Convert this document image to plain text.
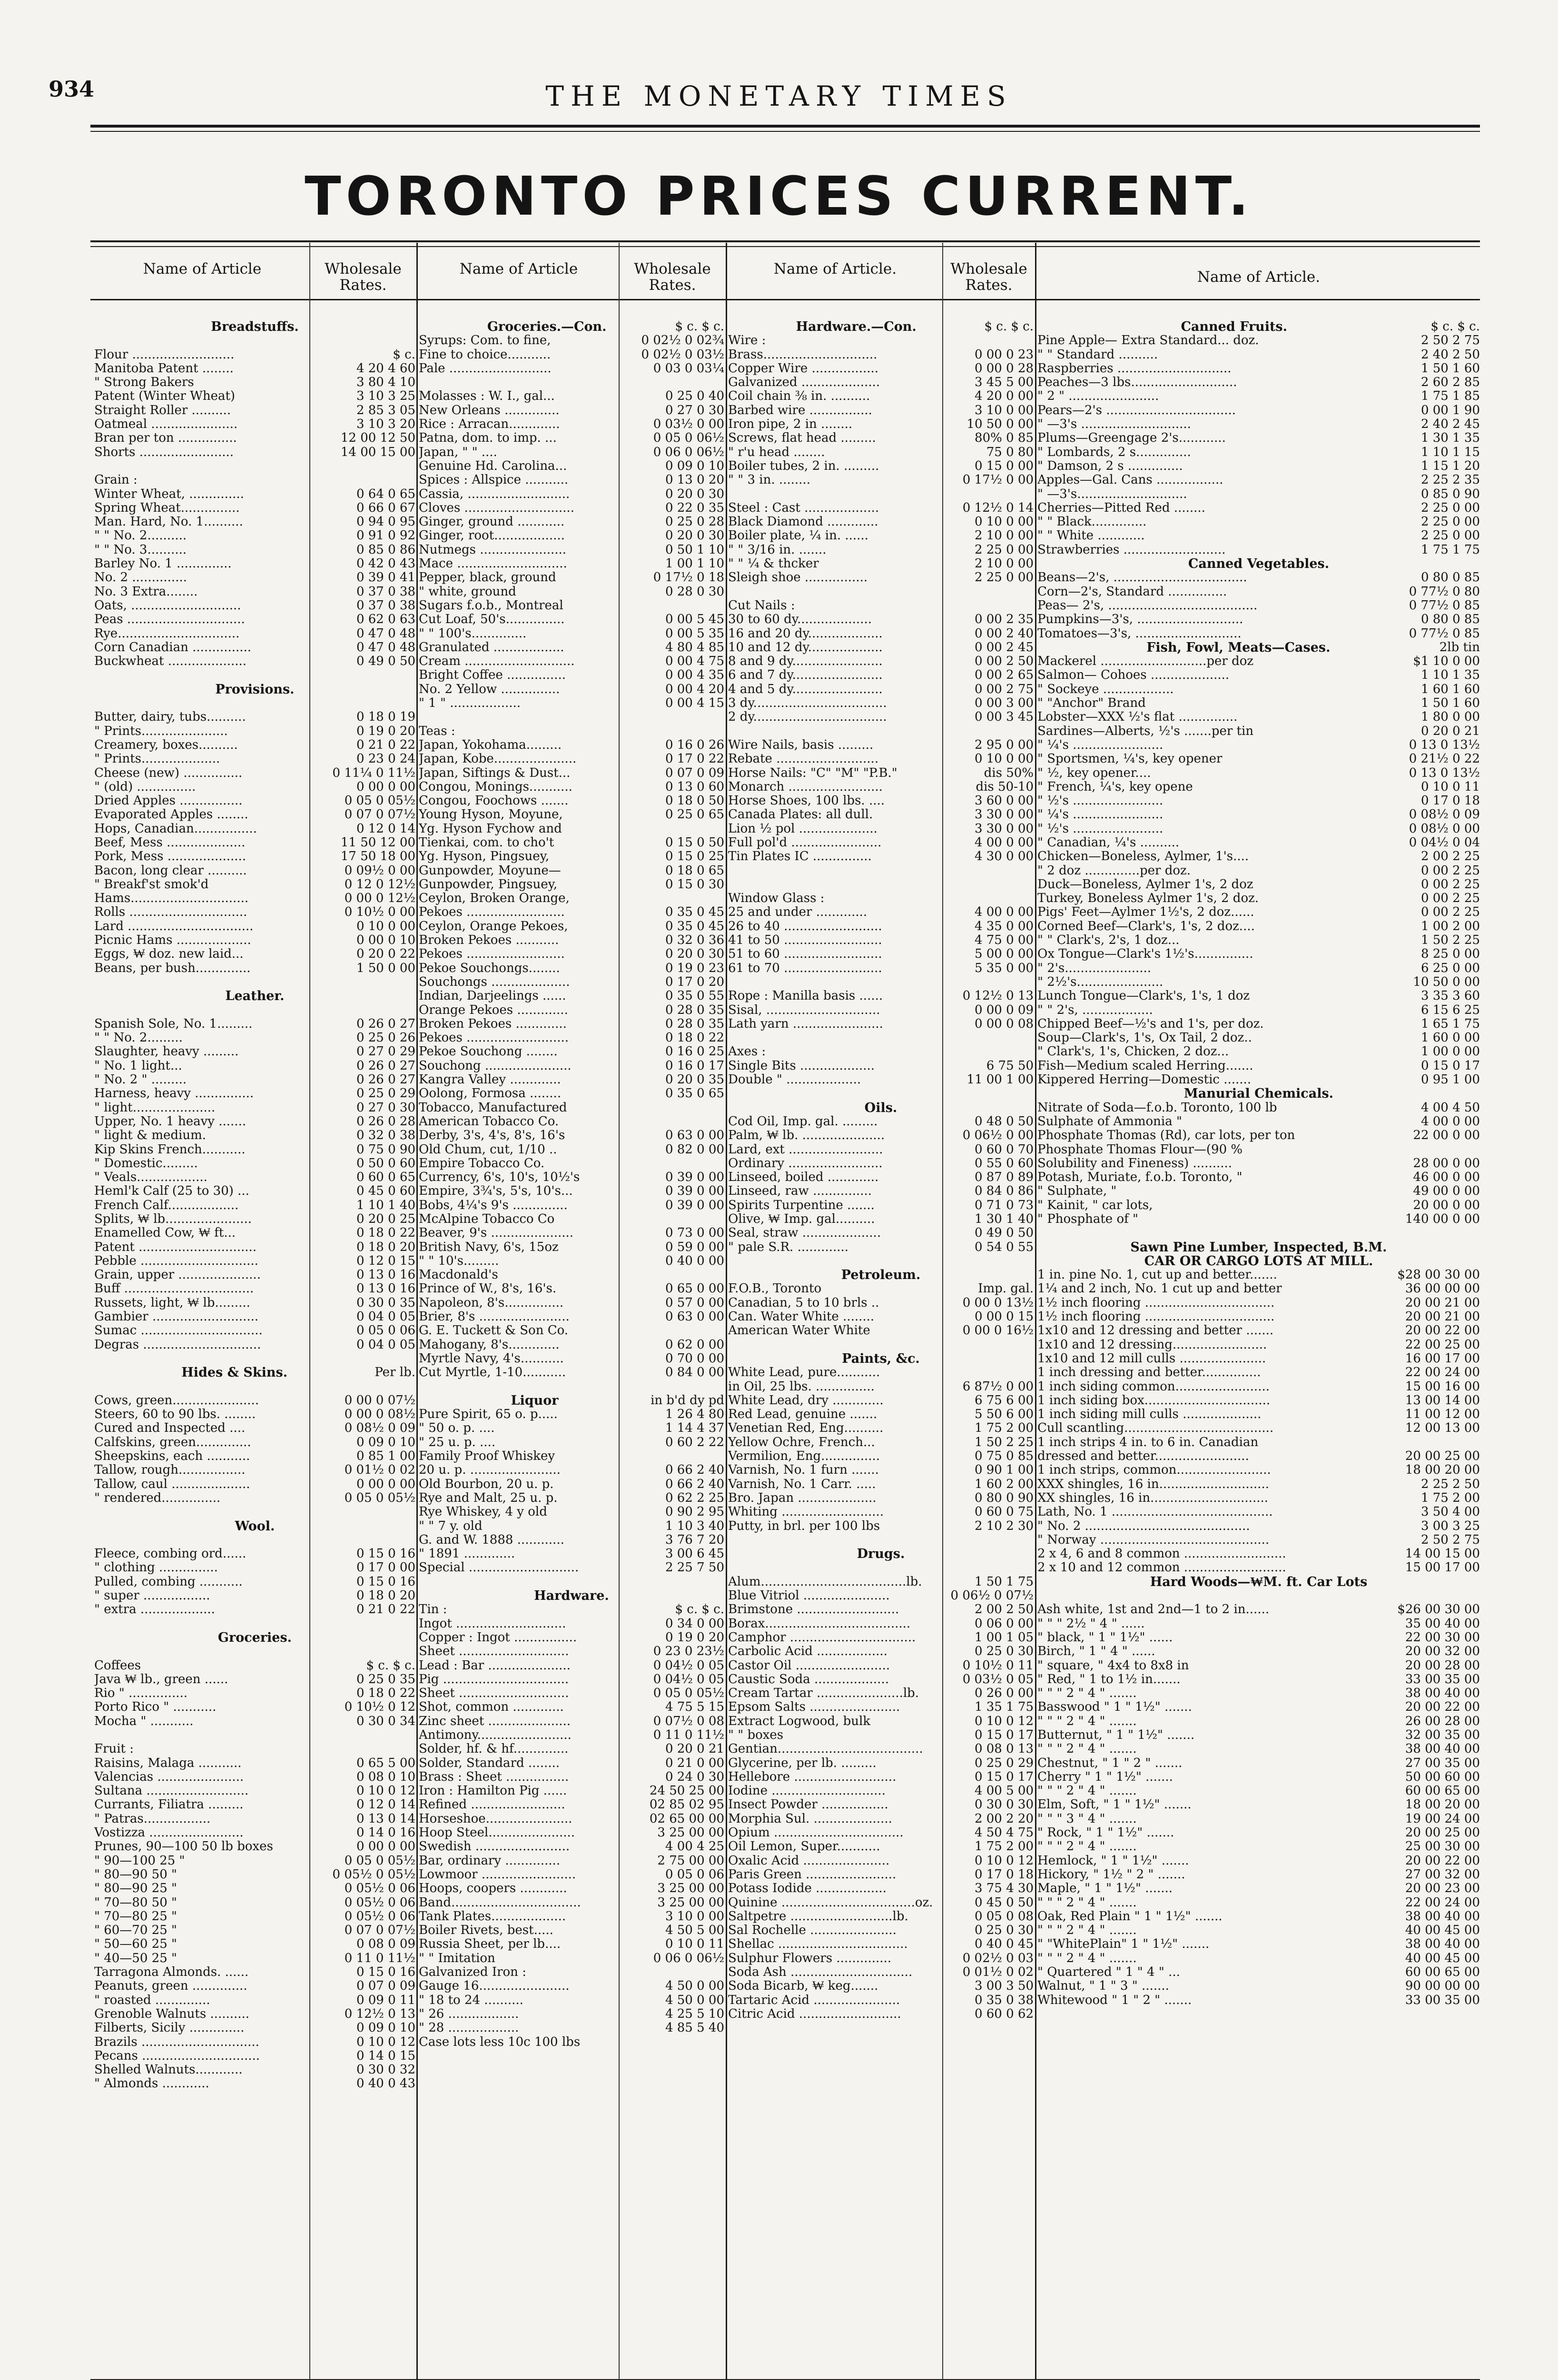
934	THE MONETARY TIMES
TORONTO PRICES CURRENT.
Name of Article	Wholesale Rates.
Name of Article	Wholesale Rates.
Name of Article.	Wholesale Rates.	Name of Article.
Breadstuffs.
Flour ..........................	$ c.
Manitoba Patent ........	4 20 4 60
" Strong Bakers	3 80 4 10
Patent (Winter Wheat)	3 10 3 25
Straight Roller ..........	2 85 3 05
Oatmeal ......................	3 10 3 20
Bran per ton ...............	12 00 12 50
Shorts ........................	14 00 15 00
Grain :
Winter Wheat, ..............	0 64 0 65
Spring Wheat...............	0 66 0 67
Man. Hard, No. 1..........	0 94 0 95
" " No. 2..........	0 91 0 92
" " No. 3..........	0 85 0 86
Barley No. 1 ..............	0 42 0 43
No. 2 ..............	0 39 0 41
No. 3 Extra........	0 37 0 38
Oats, ............................	0 37 0 38
Peas ..............................	0 62 0 63
Rye...............................	0 47 0 48
Corn Canadian ...............	0 47 0 48
Buckwheat ....................	0 49 0 50
Provisions.
Butter, dairy, tubs..........	0 18 0 19
" Prints......................	0 19 0 20
Creamery, boxes..........	0 21 0 22
" Prints....................	0 23 0 24
Cheese (new) ...............	0 11¼ 0 11½
" (old) ...............	0 00 0 00
Dried Apples ................	0 05 0 05½
Evaporated Apples ........	0 07 0 07½
Hops, Canadian................	0 12 0 14
Beef, Mess ....................	11 50 12 00
Pork, Mess ....................	17 50 18 00
Bacon, long clear ..........	0 09½ 0 00
" Breakf'st smok'd	0 12 0 12½
Hams..............................	0 00 0 12½
Rolls ..............................	0 10½ 0 00
Lard ................................	0 10 0 00
Picnic Hams ...................	0 00 0 10
Eggs, ₩ doz. new laid...	0 20 0 22
Beans, per bush..............	1 50 0 00
Leather.
Spanish Sole, No. 1.........	0 26 0 27
" " No. 2.........	0 25 0 26
Slaughter, heavy .........	0 27 0 29
" No. 1 light...	0 26 0 27
" No. 2 " .........	0 26 0 27
Harness, heavy ...............	0 25 0 29
" light.....................	0 27 0 30
Upper, No. 1 heavy .......	0 26 0 28
" light & medium.	0 32 0 38
Kip Skins French...........	0 75 0 90
" Domestic.........	0 50 0 60
" Veals..................	0 60 0 65
Heml'k Calf (25 to 30) ...	0 45 0 60
French Calf..................	1 10 1 40
Splits, ₩ lb......................	0 20 0 25
Enamelled Cow, ₩ ft...	0 18 0 22
Patent ..............................	0 18 0 20
Pebble ..............................	0 12 0 15
Grain, upper .....................	0 13 0 16
Buff .................................	0 13 0 16
Russets, light, ₩ lb.........	0 30 0 35
Gambier ...........................	0 04 0 05
Sumac ...............................	0 05 0 06
Degras ..............................	0 04 0 05
Hides & Skins.	Per lb.
Cows, green......................	0 00 0 07½
Steers, 60 to 90 lbs. ........	0 00 0 08½
Cured and Inspected ....	0 08½ 0 09
Calfskins, green..............	0 09 0 10
Sheepskins, each ...........	0 85 1 00
Tallow, rough.................	0 01½ 0 02
Tallow, caul ....................	0 00 0 00
" rendered...............	0 05 0 05½
Wool.
Fleece, combing ord......	0 15 0 16
" clothing ...............	0 17 0 00
Pulled, combing ...........	0 15 0 16
" super .................	0 18 0 20
" extra ...................	0 21 0 22
Groceries.
Coffees	$ c. $ c.
Java ₩ lb., green ......	0 25 0 35
Rio " ...............	0 18 0 22
Porto Rico " ...........	0 10½ 0 12
Mocha " ...........	0 30 0 34
Fruit :
Raisins, Malaga ...........	0 65 5 00
Valencias ......................	0 08 0 10
Sultana ..........................	0 10 0 12
Currants, Filiatra .........	0 12 0 14
" Patras.................	0 13 0 14
Vostizza ........................	0 14 0 16
Prunes, 90—100 50 lb boxes	0 00 0 00
" 90—100 25 "	0 05 0 05½
" 80—90 50 "	0 05½ 0 05½
" 80—90 25 "	0 05½ 0 06
" 70—80 50 "	0 05½ 0 06
" 70—80 25 "	0 05½ 0 06
" 60—70 25 "	0 07 0 07½
" 50—60 25 "	0 08 0 09
" 40—50 25 "	0 11 0 11½
Tarragona Almonds. ......	0 15 0 16
Peanuts, green ..............	0 07 0 09
" roasted ..............	0 09 0 11
Grenoble Walnuts ..........	0 12½ 0 13
Filberts, Sicily ..............	0 09 0 10
Brazils ..............................	0 10 0 12
Pecans ..............................	0 14 0 15
Shelled Walnuts............	0 30 0 32
" Almonds ............	0 40 0 43
Groceries.—Con.	$ c. $ c.
Syrups: Com. to fine,	0 02½ 0 02¾
Fine to choice...........	0 02½ 0 03½
Pale ..........................	0 03 0 03¼
Molasses : W. I., gal...	0 25 0 40
New Orleans ..............	0 27 0 30
Rice : Arracan.............	0 03½ 0 00
Patna, dom. to imp. ...	0 05 0 06½
Japan, " " ....	0 06 0 06½
Genuine Hd. Carolina...	0 09 0 10
Spices : Allspice ...........	0 13 0 20
Cassia, ..........................	0 20 0 30
Cloves ............................	0 22 0 35
Ginger, ground ............	0 25 0 28
Ginger, root..................	0 20 0 30
Nutmegs ......................	0 50 1 10
Mace ............................	1 00 1 10
Pepper, black, ground	0 17½ 0 18
" white, ground	0 28 0 30
Sugars f.o.b., Montreal
Cut Loaf, 50's...............	0 00 5 45
" " 100's..............	0 00 5 35
Granulated ..................	4 80 4 85
Cream ............................	0 00 4 75
Bright Coffee ...............	0 00 4 35
No. 2 Yellow ...............	0 00 4 20
" 1 " ..................	0 00 4 15
Teas :
Japan, Yokohama.........	0 16 0 26
Japan, Kobe.....................	0 17 0 22
Japan, Siftings & Dust...	0 07 0 09
Congou, Monings...........	0 13 0 60
Congou, Foochows .......	0 18 0 50
Young Hyson, Moyune,	0 25 0 65
Yg. Hyson Fychow and
Tienkai, com. to cho't	0 15 0 50
Yg. Hyson, Pingsuey,	0 15 0 25
Gunpowder, Moyune—	0 18 0 65
Gunpowder, Pingsuey,	0 15 0 30
Ceylon, Broken Orange,
Pekoes .........................	0 35 0 45
Ceylon, Orange Pekoes,	0 35 0 45
Broken Pekoes ...........	0 32 0 36
Pekoes .........................	0 20 0 30
Pekoe Souchongs........	0 19 0 23
Souchongs ....................	0 17 0 20
Indian, Darjeelings ......	0 35 0 55
Orange Pekoes .............	0 28 0 35
Broken Pekoes .............	0 28 0 35
Pekoes ..........................	0 18 0 22
Pekoe Souchong ........	0 16 0 25
Souchong ......................	0 16 0 17
Kangra Valley .............	0 20 0 35
Oolong, Formosa ........	0 35 0 65
Tobacco, Manufactured
American Tobacco Co.
Derby, 3's, 4's, 8's, 16's	0 63 0 00
Old Chum, cut, 1/10 ..	0 82 0 00
Empire Tobacco Co.
Currency, 6's, 10's, 10½'s	0 39 0 00
Empire, 3¾'s, 5's, 10's...	0 39 0 00
Bobs, 4¼'s 9's ..............	0 39 0 00
McAlpine Tobacco Co
Beaver, 9's .....................	0 73 0 00
British Navy, 6's, 15oz	0 59 0 00
" " 10's.........	0 40 0 00
Macdonald's
Prince of W., 8's, 16's.	0 65 0 00
Napoleon, 8's...............	0 57 0 00
Brier, 8's .......................	0 63 0 00
G. E. Tuckett & Son Co.
Mahogany, 8's.............	0 62 0 00
Myrtle Navy, 4's...........	0 70 0 00
Cut Myrtle, 1-10...........	0 84 0 00
Liquor	in b'd dy pd
Pure Spirit, 65 o. p.....	1 26 4 80
" 50 o. p. ....	1 14 4 37
" 25 u. p. ....	0 60 2 22
Family Proof Whiskey
20 u. p. .......................	0 66 2 40
Old Bourbon, 20 u. p.	0 66 2 40
Rye and Malt, 25 u. p.	0 62 2 25
Rye Whiskey, 4 y old	0 90 2 95
" " 7 y. old	1 10 3 40
G. and W. 1888 ............	3 76 7 20
" 1891 .............	3 00 6 45
Special ............................	2 25 7 50
Hardware.
Tin :	$ c. $ c.
Ingot ............................	0 34 0 00
Copper : Ingot ................	0 19 0 20
Sheet ............................	0 23 0 23½
Lead : Bar .....................	0 04½ 0 05
Pig ................................	0 04½ 0 05
Sheet ............................	0 05 0 05½
Shot, common .............	4 75 5 15
Zinc sheet .....................	0 07½ 0 08
Antimony........................	0 11 0 11½
Solder, hf. & hf..............	0 20 0 21
Solder, Standard ........	0 21 0 00
Brass : Sheet ................	0 24 0 30
Iron : Hamilton Pig ......	24 50 25 00
Refined ........................	02 85 02 95
Horseshoe......................	02 65 00 00
Hoop Steel......................	3 25 00 00
Swedish ........................	4 00 4 25
Bar, ordinary ..............	2 75 00 00
Lowmoor ........................	0 05 0 06
Hoops, coopers ............	3 25 00 00
Band.................................	3 25 00 00
Tank Plates...................	3 10 0 00
Boiler Rivets, best.....	4 50 5 00
Russia Sheet, per lb....	0 10 0 11
" " Imitation	0 06 0 06½
Galvanized Iron :
Gauge 16.......................	4 50 0 00
" 18 to 24 ..........	4 50 0 00
" 26 ..................	4 25 5 10
" 28 ..................	4 85 5 40
Case lots less 10c 100 lbs
Hardware.—Con.	$ c. $ c.
Wire :
Brass.............................	0 00 0 23
Copper Wire .................	0 00 0 28
Galvanized ....................	3 45 5 00
Coil chain ⅜ in. ..........	4 20 0 00
Barbed wire ................	3 10 0 00
Iron pipe, 2 in ........	10 50 0 00
Screws, flat head .........	80% 0 85
" r'u head ........	75 0 80
Boiler tubes, 2 in. .........	0 15 0 00
" " 3 in. ........	0 17½ 0 00
Steel : Cast ...................	0 12½ 0 14
Black Diamond .............	0 10 0 00
Boiler plate, ¼ in. ......	2 10 0 00
" " 3/16 in. .......	2 25 0 00
" " ¼ & thcker	2 10 0 00
Sleigh shoe ................	2 25 0 00
Cut Nails :
30 to 60 dy...................	0 00 2 35
16 and 20 dy...................	0 00 2 40
10 and 12 dy...................	0 00 2 45
8 and 9 dy.......................	0 00 2 50
6 and 7 dy.......................	0 00 2 65
4 and 5 dy.......................	0 00 2 75
3 dy..................................	0 00 3 00
2 dy..................................	0 00 3 45
Wire Nails, basis .........	2 95 0 00
Rebate ..........................	0 10 0 00
Horse Nails: "C" "M" "P.B."	dis 50%
Monarch ........................	dis 50-10
Horse Shoes, 100 lbs. ....	3 60 0 00
Canada Plates: all dull.	3 30 0 00
Lion ½ pol ....................	3 30 0 00
Full pol'd .......................	4 00 0 00
Tin Plates IC ...............	4 30 0 00
Window Glass :
25 and under .............	4 00 0 00
26 to 40 .........................	4 35 0 00
41 to 50 .........................	4 75 0 00
51 to 60 .........................	5 00 0 00
61 to 70 .........................	5 35 0 00
Rope : Manilla basis ......	0 12½ 0 13
Sisal, .............................	0 00 0 09
Lath yarn .......................	0 00 0 08
Axes :
Single Bits ...................	6 75 50
Double " ...................	11 00 1 00
Oils.
Cod Oil, Imp. gal. .........	0 48 0 50
Palm, ₩ lb. .....................	0 06½ 0 00
Lard, ext ........................	0 60 0 70
Ordinary ........................	0 55 0 60
Linseed, boiled .............	0 87 0 89
Linseed, raw ...............	0 84 0 86
Spirits Turpentine .......	0 71 0 73
Olive, ₩ Imp. gal..........	1 30 1 40
Seal, straw ....................	0 49 0 50
" pale S.R. .............	0 54 0 55
Petroleum.
F.O.B., Toronto	Imp. gal.
Canadian, 5 to 10 brls ..	0 00 0 13½
Can. Water White ........	0 00 0 15
American Water White	0 00 0 16½
Paints, &c.
White Lead, pure...........
in Oil, 25 lbs. ...............	6 87½ 0 00
White Lead, dry .............	6 75 6 00
Red Lead, genuine .......	5 50 6 00
Venetian Red, Eng..........	1 75 2 00
Yellow Ochre, French...	1 50 2 25
Vermilion, Eng...............	0 75 0 85
Varnish, No. 1 furn .......	0 90 1 00
Varnish, No. 1 Carr. .....	1 60 2 00
Bro. Japan ....................	0 80 0 90
Whiting ..........................	0 60 0 75
Putty, in brl. per 100 lbs	2 10 2 30
Drugs.
Alum.....................................lb.	1 50 1 75
Blue Vitriol ......................	0 06½ 0 07½
Brimstone ..........................	2 00 2 50
Borax.....................................	0 06 0 00
Camphor ................................	1 00 1 05
Carbolic Acid ..................	0 25 0 30
Castor Oil ........................	0 10½ 0 11
Caustic Soda ...................	0 03½ 0 05
Cream Tartar ......................lb.	0 26 0 00
Epsom Salts .......................	1 35 1 75
Extract Logwood, bulk	0 10 0 12
" " boxes	0 15 0 17
Gentian.....................................	0 08 0 13
Glycerine, per lb. .........	0 25 0 29
Hellebore ..........................	0 15 0 17
Iodine .............................	4 00 5 00
Insect Powder .................	0 30 0 30
Morphia Sul. ....................	2 00 2 20
Opium .................................	4 50 4 75
Oil Lemon, Super...........	1 75 2 00
Oxalic Acid ......................	0 10 0 12
Paris Green .......................	0 17 0 18
Potass Iodide ..................	3 75 4 30
Quinine ..................................oz.	0 45 0 50
Saltpetre ..........................lb.	0 05 0 08
Sal Rochelle ......................	0 25 0 30
Shellac .................................	0 40 0 45
Sulphur Flowers ..............	0 02½ 0 03
Soda Ash ...............................	0 01½ 0 02
Soda Bicarb, ₩ keg.......	3 00 3 50
Tartaric Acid ......................	0 35 0 38
Citric Acid ..........................	0 60 0 62
Canned Fruits.	$ c. $ c.
Pine Apple— Extra Standard... doz.	2 50 2 75
" " Standard ..........	2 40 2 50
Raspberries .............................	1 50 1 60
Peaches—3 lbs...........................	2 60 2 85
" 2 " .......................	1 75 1 85
Pears—2's .................................	0 00 1 90
" —3's ............................	2 40 2 45
Plums—Greengage 2's............	1 30 1 35
" Lombards, 2 s..............	1 10 1 15
" Damson, 2 s ..............	1 15 1 20
Apples—Gal. Cans .................	2 25 2 35
" —3's............................	0 85 0 90
Cherries—Pitted Red ........	2 25 0 00
" " Black..............	2 25 0 00
" " White ............	2 25 0 00
Strawberries ..........................	1 75 1 75
Canned Vegetables.
Beans—2's, ..................................	0 80 0 85
Corn—2's, Standard ...............	0 77½ 0 80
Peas— 2's, ......................................	0 77½ 0 85
Pumpkins—3's, ...........................	0 80 0 85
Tomatoes—3's, ...........................	0 77½ 0 85
Fish, Fowl, Meats—Cases.	2lb tin
Mackerel ...........................per doz	$1 10 0 00
Salmon— Cohoes ....................	1 10 1 35
" Sockeye ..................	1 60 1 60
" "Anchor" Brand	1 50 1 60
Lobster—XXX ½'s flat ...............	1 80 0 00
Sardines—Alberts, ½'s .......per tin	0 20 0 21
" ¼'s .......................	0 13 0 13½
" Sportsmen, ¼'s, key opener	0 21½ 0 22
" ½, key opener....	0 13 0 13½
" French, ¼'s, key opene	0 10 0 11
" ½'s .......................	0 17 0 18
" ¼'s .......................	0 08½ 0 09
" ½'s .......................	0 08½ 0 00
" Canadian, ¼'s ..........	0 04½ 0 04
Chicken—Boneless, Aylmer, 1's....	2 00 2 25
" 2 doz ..............per doz.	0 00 2 25
Duck—Boneless, Aylmer 1's, 2 doz	0 00 2 25
Turkey, Boneless Aylmer 1's, 2 doz.	0 00 2 25
Pigs' Feet—Aylmer 1½'s, 2 doz......	0 00 2 25
Corned Beef—Clark's, 1's, 2 doz....	1 00 2 00
" " Clark's, 2's, 1 doz...	1 50 2 25
Ox Tongue—Clark's 1½'s...............	8 25 0 00
" 2's......................	6 25 0 00
" 2½'s......................	10 50 0 00
Lunch Tongue—Clark's, 1's, 1 doz	3 35 3 60
" " 2's, ..................	6 15 6 25
Chipped Beef—½'s and 1's, per doz.	1 65 1 75
Soup—Clark's, 1's, Ox Tail, 2 doz..	1 60 0 00
" Clark's, 1's, Chicken, 2 doz...	1 00 0 00
Fish—Medium scaled Herring.......	0 15 0 17
Kippered Herring—Domestic .......	0 95 1 00
Manurial Chemicals.
Nitrate of Soda—f.o.b. Toronto, 100 lb	4 00 4 50
Sulphate of Ammonia "	4 00 0 00
Phosphate Thomas (Rd), car lots, per ton	22 00 0 00
Phosphate Thomas Flour—(90 %
Solubility and Fineness) ..........	28 00 0 00
Potash, Muriate, f.o.b. Toronto, "	46 00 0 00
" Sulphate, "	49 00 0 00
" Kainit, " car lots,	20 00 0 00
" Phosphate of "	140 00 0 00
Sawn Pine Lumber, Inspected, B.M.
CAR OR CARGO LOTS AT MILL.
1 in. pine No. 1, cut up and better.......	$28 00 30 00
1¼ and 2 inch, No. 1 cut up and better	36 00 00 00
1½ inch flooring .................................	20 00 21 00
1½ inch flooring .................................	20 00 21 00
1x10 and 12 dressing and better .......	20 00 22 00
1x10 and 12 dressing........................	22 00 25 00
1x10 and 12 mill culls ......................	16 00 17 00
1 inch dressing and better...............	22 00 24 00
1 inch siding common........................	15 00 16 00
1 inch siding box................................	13 00 14 00
1 inch siding mill culls ....................	11 00 12 00
Cull scantling......................................	12 00 13 00
1 inch strips 4 in. to 6 in. Canadian
dressed and better........................	20 00 25 00
1 inch strips, common........................	18 00 20 00
XXX shingles, 16 in............................	2 25 2 50
XX shingles, 16 in..............................	1 75 2 00
Lath, No. 1 .........................................	3 50 4 00
" No. 2 ..........................................	3 00 3 25
" Norway ...........................................	2 50 2 75
2 x 4, 6 and 8 common ..........................	14 00 15 00
2 x 10 and 12 common ..........................	15 00 17 00
Hard Woods—₩M. ft. Car Lots
Ash white, 1st and 2nd—1 to 2 in......	$26 00 30 00
" " " 2½ " 4 " ......	35 00 40 00
" black, " 1 " 1½" ......	22 00 30 00
Birch, " 1 " 4 " ......	20 00 32 00
" square, " 4x4 to 8x8 in	20 00 28 00
" Red, " 1 to 1½ in.......	33 00 35 00
" " " 2 " 4 " .......	38 00 40 00
Basswood " 1 " 1½" .......	20 00 22 00
" " " 2 " 4 " .......	26 00 28 00
Butternut, " 1 " 1½" .......	32 00 35 00
" " " 2 " 4 " .......	38 00 40 00
Chestnut, " 1 " 2 " .......	27 00 35 00
Cherry " 1 " 1½" .......	50 00 60 00
" " " 2 " 4 " .......	60 00 65 00
Elm, Soft, " 1 " 1½" .......	18 00 20 00
" " " 3 " 4 " .......	19 00 24 00
" Rock, " 1 " 1½" .......	20 00 25 00
" " " 2 " 4 " .......	25 00 30 00
Hemlock, " 1 " 1½" .......	20 00 22 00
Hickory, " 1½ " 2 " .......	27 00 32 00
Maple, " 1 " 1½" .......	20 00 23 00
" " " 2 " 4 " .......	22 00 24 00
Oak, Red Plain " 1 " 1½" .......	38 00 40 00
" " " 2 " 4 " .......	40 00 45 00
" "WhitePlain" 1 " 1½" .......	38 00 40 00
" " " 2 " 4 " .......	40 00 45 00
" Quartered " 1 " 4 " ...	60 00 65 00
Walnut, " 1 " 3 " .......	90 00 00 00
Whitewood " 1 " 2 " .......	33 00 35 00
